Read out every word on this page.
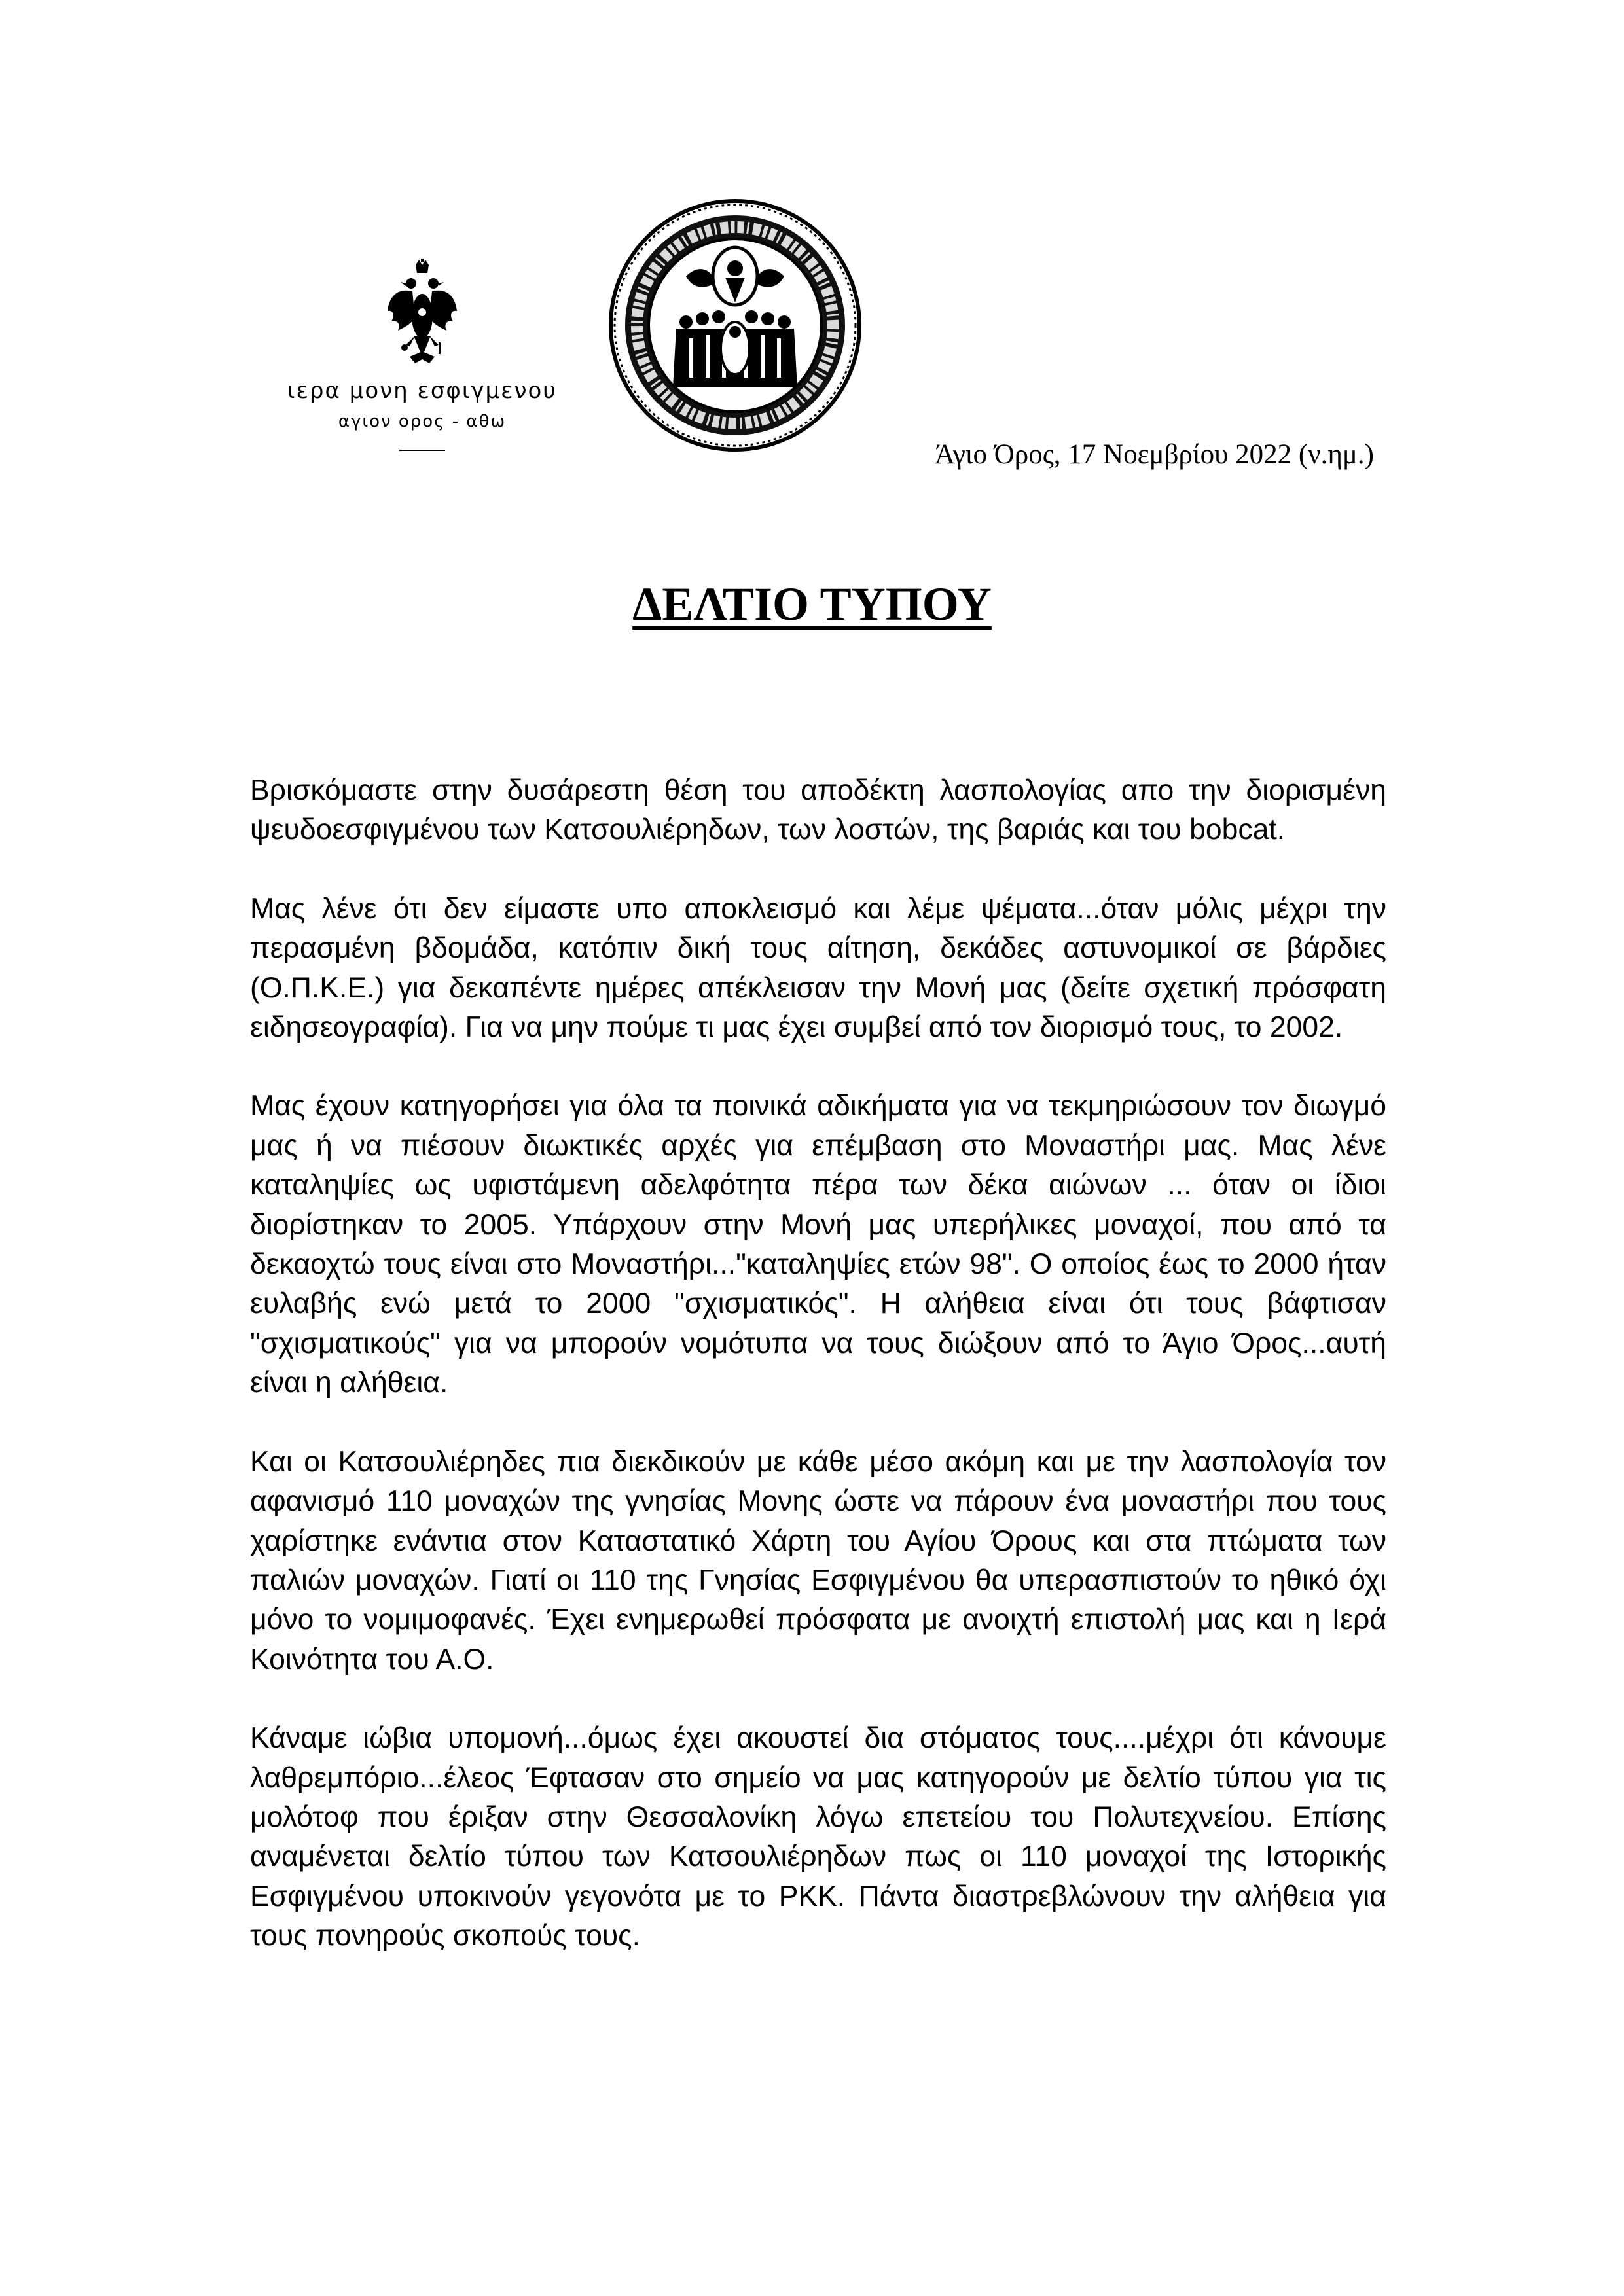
ιερα μονη εσφιγμενου
αγιον ορος - αθω
Άγιο Όρος, 17 Νοεμβρίου 2022 (ν.ημ.)
ΔΕΛΤΙΟ ΤΥΠΟΥ

Βρισκόμαστε στην δυσάρεστη θέση του αποδέκτη λασπολογίας απο την διορισμένη ψευδοεσφιγμένου των Κατσουλιέρηδων, των λοστών, της βαριάς και του bobcat.

Μας λένε ότι δεν είμαστε υπο αποκλεισμό και λέμε ψέματα...όταν μόλις μέχρι την περασμένη βδομάδα, κατόπιν δική τους αίτηση, δεκάδες αστυνομικοί σε βάρδιες (Ο.Π.Κ.Ε.) για δεκαπέντε ημέρες απέκλεισαν την Μονή μας (δείτε σχετική πρόσφατη ειδησεογραφία). Για να μην πούμε τι μας έχει συμβεί από τον διορισμό τους, το 2002.

Μας έχουν κατηγορήσει για όλα τα ποινικά αδικήματα για να τεκμηριώσουν τον διωγμό μας ή να πιέσουν διωκτικές αρχές για επέμβαση στο Μοναστήρι μας. Μας λένε καταληψίες ως υφιστάμενη αδελφότητα πέρα των δέκα αιώνων ... όταν οι ίδιοι διορίστηκαν το 2005. Υπάρχουν στην Μονή μας υπερήλικες μοναχοί, που από τα δεκαοχτώ τους είναι στο Μοναστήρι..."καταληψίες ετών 98". Ο οποίος έως το 2000 ήταν ευλαβής ενώ μετά το 2000 "σχισματικός". Η αλήθεια είναι ότι τους βάφτισαν "σχισματικούς" για να μπορούν νομότυπα να τους διώξουν από το Άγιο Όρος...αυτή είναι η αλήθεια.

Και οι Κατσουλιέρηδες πια διεκδικούν με κάθε μέσο ακόμη και με την λασπολογία τον αφανισμό 110 μοναχών της γνησίας Μονης ώστε να πάρουν ένα μοναστήρι που τους χαρίστηκε ενάντια στον Καταστατικό Χάρτη του Αγίου Όρους και στα πτώματα των παλιών μοναχών. Γιατί οι 110 της Γνησίας Εσφιγμένου θα υπερασπιστούν το ηθικό όχι μόνο το νομιμοφανές. Έχει ενημερωθεί πρόσφατα με ανοιχτή επιστολή μας και η Ιερά Κοινότητα του Α.Ο.

Κάναμε ιώβια υπομονή...όμως έχει ακουστεί δια στόματος τους....μέχρι ότι κάνουμε λαθρεμπόριο...έλεος Έφτασαν στο σημείο να μας κατηγορούν με δελτίο τύπου για τις μολότοφ που έριξαν στην Θεσσαλονίκη λόγω επετείου του Πολυτεχνείου. Επίσης αναμένεται δελτίο τύπου των Κατσουλιέρηδων πως οι 110 μοναχοί της Ιστορικής Εσφιγμένου υποκινούν γεγονότα με το ΡΚΚ. Πάντα διαστρεβλώνουν την αλήθεια για τους πονηρούς σκοπούς τους.
